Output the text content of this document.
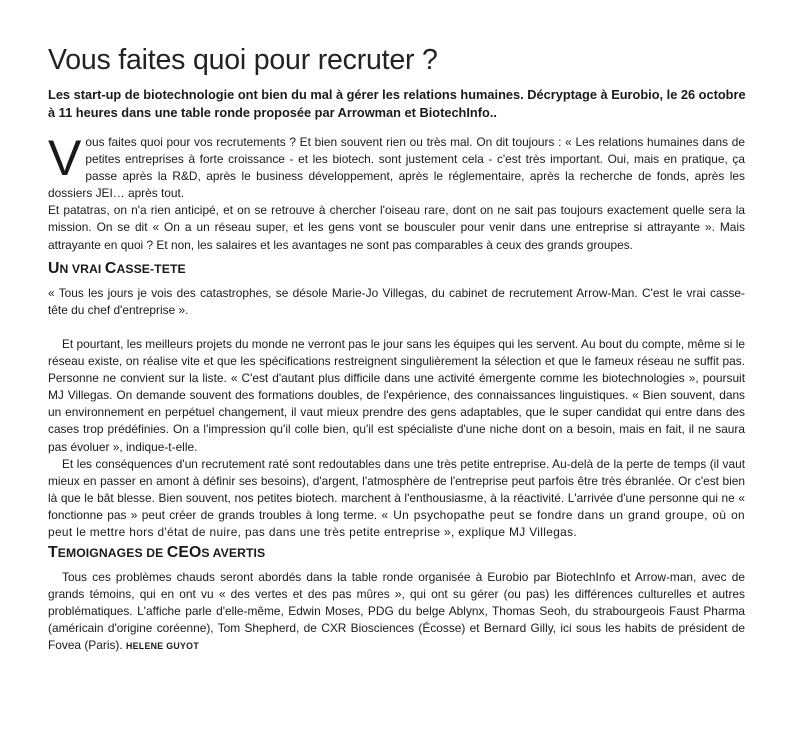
Vous faites quoi pour recruter ?
Les start-up de biotechnologie ont bien du mal à gérer les relations humaines. Décryptage à Eurobio, le 26 octobre à 11 heures dans une table ronde proposée par Arrowman et BiotechInfo..

Vous faites quoi pour vos recrutements ? Et bien souvent rien ou très mal. On dit toujours : « Les relations humaines dans de petites entreprises à forte croissance - et les biotech. sont justement cela - c'est très important. Oui, mais en pratique, ça passe après la R&D, après le business développement, après le réglementaire, après la recherche de fonds, après les dossiers JEI… après tout.

Et patatras, on n'a rien anticipé, et on se retrouve à chercher l'oiseau rare, dont on ne sait pas toujours exactement quelle sera la mission. On se dit « On a un réseau super, et les gens vont se bousculer pour venir dans une entreprise si attrayante ». Mais attrayante en quoi ? Et non, les salaires et les avantages ne sont pas comparables à ceux des grands groupes.

UN VRAI CASSE-TETE

« Tous les jours je vois des catastrophes, se désole Marie-Jo Villegas, du cabinet de recrutement Arrow-Man. C'est le vrai casse-tête du chef d'entreprise ».

Et pourtant, les meilleurs projets du monde ne verront pas le jour sans les équipes qui les servent. Au bout du compte, même si le réseau existe, on réalise vite et que les spécifications restreignent singulièrement la sélection et que le fameux réseau ne suffit pas. Personne ne convient sur la liste. « C'est d'autant plus difficile dans une activité émergente comme les biotechnologies », poursuit MJ Villegas. On demande souvent des formations doubles, de l'expérience, des connaissances linguistiques. « Bien souvent, dans un environnement en perpétuel changement, il vaut mieux prendre des gens adaptables, que le super candidat qui entre dans des cases trop prédéfinies. On a l'impression qu'il colle bien, qu'il est spécialiste d'une niche dont on a besoin, mais en fait, il ne saura pas évoluer », indique-t-elle.

Et les conséquences d'un recrutement raté sont redoutables dans une très petite entreprise. Au-delà de la perte de temps (il vaut mieux en passer en amont à définir ses besoins), d'argent, l'atmosphère de l'entreprise peut parfois être très ébranlée. Or c'est bien là que le bât blesse. Bien souvent, nos petites biotech. marchent à l'enthousiasme, à la réactivité. L'arrivée d'une personne qui ne « fonctionne pas » peut créer de grands troubles à long terme. « Un psychopathe peut se fondre dans un grand groupe, où on peut le mettre hors d'état de nuire, pas dans une très petite entreprise », explique MJ Villegas.

TEMOIGNAGES DE CEOS AVERTIS

Tous ces problèmes chauds seront abordés dans la table ronde organisée à Eurobio par BiotechInfo et Arrow-man, avec de grands témoins, qui en ont vu « des vertes et des pas mûres », qui ont su gérer (ou pas) les différences culturelles et autres problématiques. L'affiche parle d'elle-même, Edwin Moses, PDG du belge Ablynx, Thomas Seoh, du strabourgeois Faust Pharma (américain d'origine coréenne), Tom Shepherd, de CXR Biosciences (Écosse) et Bernard Gilly, ici sous les habits de président de Fovea (Paris). HELENE GUYOT
